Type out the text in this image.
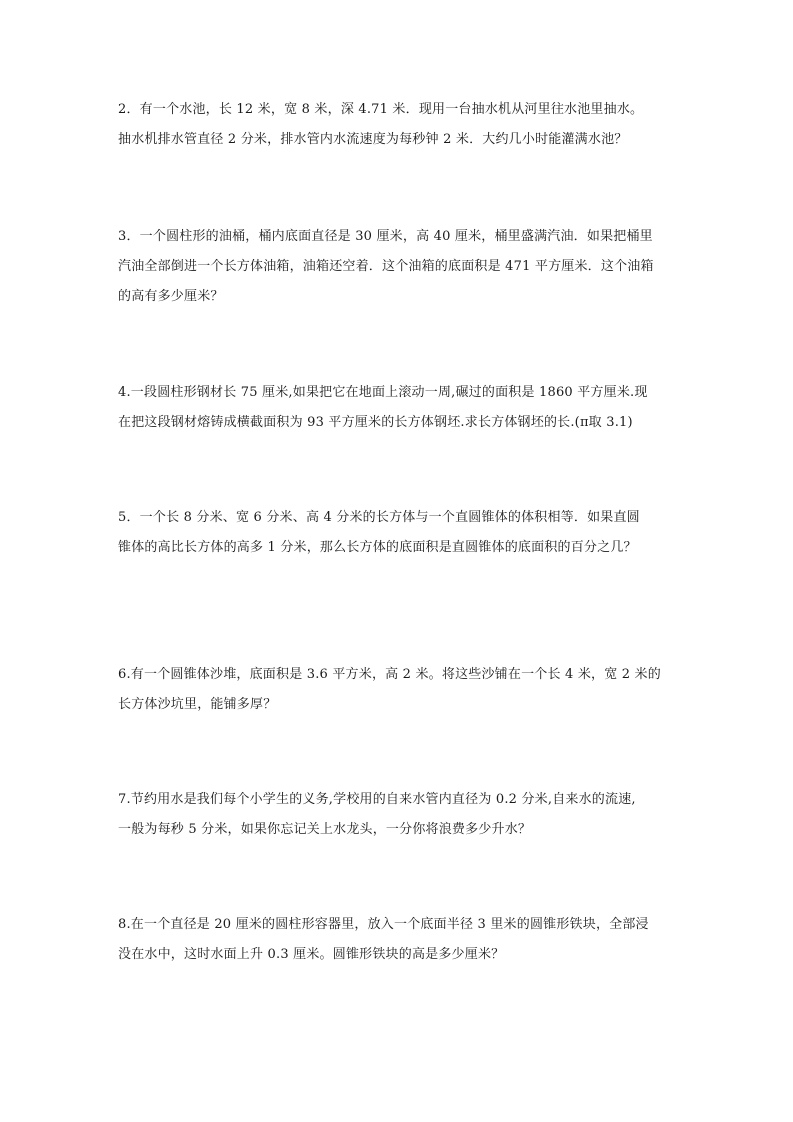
2．有一个水池，长 12 米，宽 8 米，深 4.71 米．现用一台抽水机从河里往水池里抽水。
抽水机排水管直径 2 分米，排水管内水流速度为每秒钟 2 米．大约几小时能灌满水池？
3．一个圆柱形的油桶，桶内底面直径是 30 厘米，高 40 厘米，桶里盛满汽油．如果把桶里
汽油全部倒进一个长方体油箱，油箱还空着．这个油箱的底面积是 471 平方厘米．这个油箱
的高有多少厘米？
4.一段圆柱形钢材长 75 厘米,如果把它在地面上滚动一周,碾过的面积是 1860 平方厘米.现
在把这段钢材熔铸成横截面积为 93 平方厘米的长方体钢坯.求长方体钢坯的长.(π取 3.1)
5．一个长 8 分米、宽 6 分米、高 4 分米的长方体与一个直圆锥体的体积相等．如果直圆
锥体的高比长方体的高多 1 分米，那么长方体的底面积是直圆锥体的底面积的百分之几？
6.有一个圆锥体沙堆，底面积是 3.6 平方米，高 2 米。将这些沙铺在一个长 4 米，宽 2 米的
长方体沙坑里，能铺多厚？
7.节约用水是我们每个小学生的义务,学校用的自来水管内直径为 0.2 分米,自来水的流速,
一般为每秒 5 分米，如果你忘记关上水龙头，一分你将浪费多少升水？
8.在一个直径是 20 厘米的圆柱形容器里，放入一个底面半径 3 里米的圆锥形铁块，全部浸
没在水中，这时水面上升 0.3 厘米。圆锥形铁块的高是多少厘米？
